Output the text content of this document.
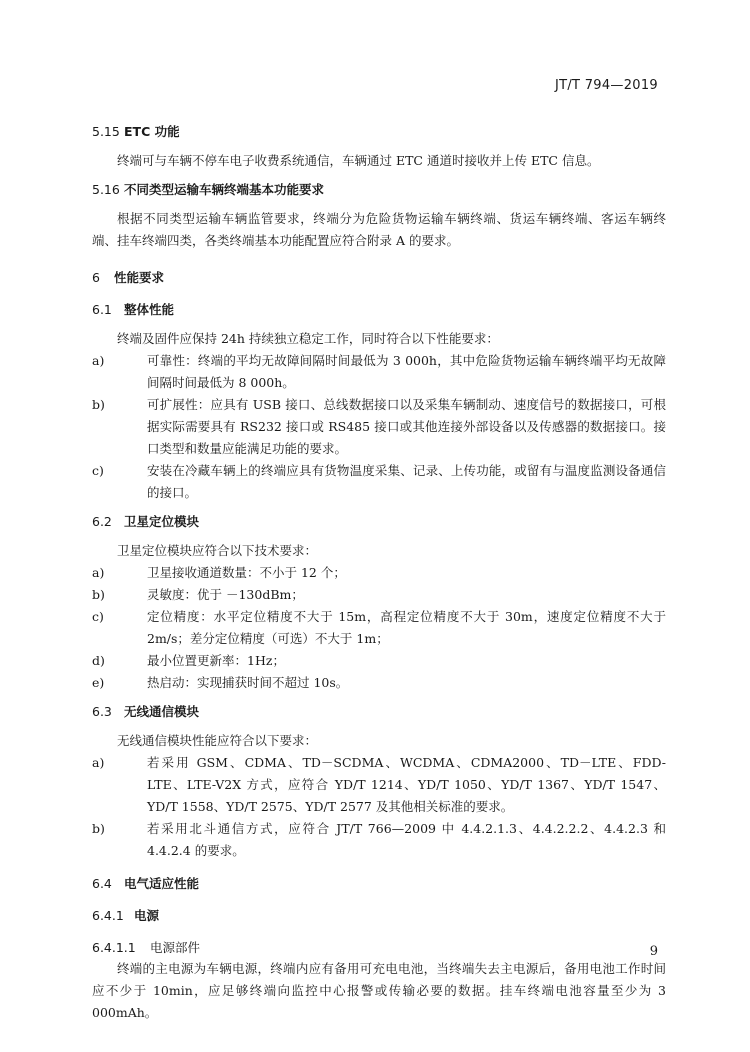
JT/T 794—2019
5.15 ETC 功能

终端可与车辆不停车电子收费系统通信，车辆通过 ETC 通道时接收并上传 ETC 信息。

5.16 不同类型运输车辆终端基本功能要求

根据不同类型运输车辆监管要求，终端分为危险货物运输车辆终端、货运车辆终端、客运车辆终端、挂车终端四类，各类终端基本功能配置应符合附录 A 的要求。

6 性能要求
6.1 整体性能

终端及固件应保持 24h 持续独立稳定工作，同时符合以下性能要求：

a)	可靠性：终端的平均无故障间隔时间最低为 3 000h，其中危险货物运输车辆终端平均无故障间隔时间最低为 8 000h。
b)	可扩展性：应具有 USB 接口、总线数据接口以及采集车辆制动、速度信号的数据接口，可根据实际需要具有 RS232 接口或 RS485 接口或其他连接外部设备以及传感器的数据接口。接口类型和数量应能满足功能的要求。
c)	安装在冷藏车辆上的终端应具有货物温度采集、记录、上传功能，或留有与温度监测设备通信的接口。
6.2 卫星定位模块

卫星定位模块应符合以下技术要求：

a)	卫星接收通道数量：不小于 12 个；
b)	灵敏度：优于 －130dBm；
c)	定位精度：水平定位精度不大于 15m，高程定位精度不大于 30m，速度定位精度不大于 2m/s；差分定位精度（可选）不大于 1m；
d)	最小位置更新率：1Hz；
e)	热启动：实现捕获时间不超过 10s。
6.3 无线通信模块

无线通信模块性能应符合以下要求：

a)	若采用 GSM、CDMA、TD－SCDMA、WCDMA、CDMA2000、TD－LTE、FDD-LTE、LTE-V2X 方式，应符合 YD/T 1214、YD/T 1050、YD/T 1367、YD/T 1547、YD/T 1558、YD/T 2575、YD/T 2577 及其他相关标准的要求。
b)	若采用北斗通信方式，应符合 JT/T 766—2009 中 4.4.2.1.3、4.4.2.2.2、4.4.2.3 和 4.4.2.4 的要求。
6.4 电气适应性能
6.4.1 电源
6.4.1.1 电源部件

终端的主电源为车辆电源，终端内应有备用可充电电池，当终端失去主电源后，备用电池工作时间应不少于 10min，应足够终端向监控中心报警或传输必要的数据。挂车终端电池容量至少为 3 000mAh。

9
